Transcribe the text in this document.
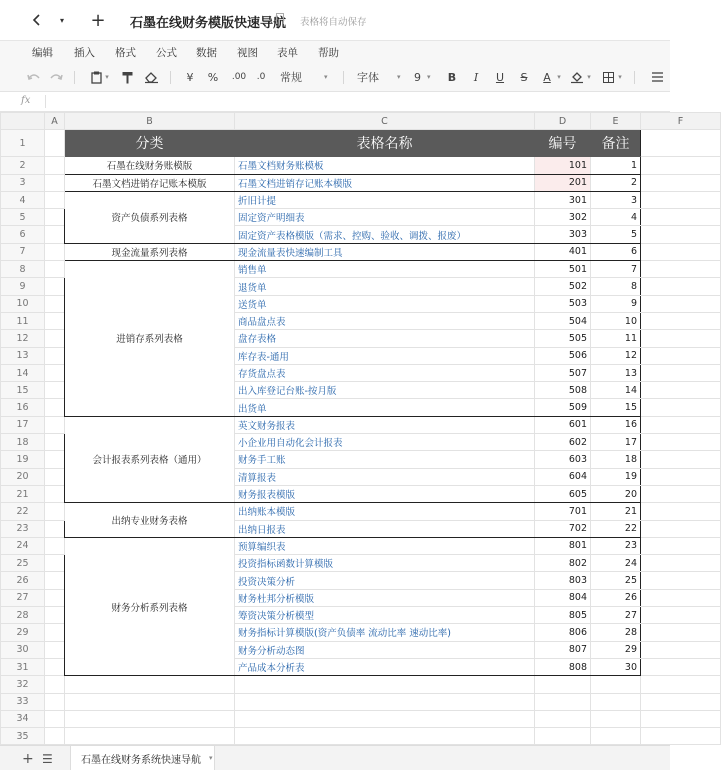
▾ + 石墨在线财务模版快速导航 表格将自动保存
编辑 插入 格式 公式 数据 视图 表单 帮助
▾	¥ % .00 .0 常规	▾	字体	▾ 9 ▾ B	I	U S A ▾	▾	▾
fx
	A	B	C	D	E	F
1		分类	表格名称	编号	备注	
2		石墨在线财务账模版	石墨文档财务账模板	101	1	
3		石墨文档进销存记账本模版	石墨文档进销存记账本模版	201	2	
4		资产负债系列表格	折旧计提	301	3	
5			固定资产明细表	302	4	
6			固定资产表格模版（需求、控购、验收、调拨、报废）	303	5	
7		现金流量系列表格	现金流量表快速编制工具	401	6	
8		进销存系列表格	销售单	501	7	
9			退货单	502	8	
10			送货单	503	9	
11			商品盘点表	504	10	
12			盘存表格	505	11	
13			库存表-通用	506	12	
14			存货盘点表	507	13	
15			出入库登记台账-按月版	508	14	
16			出货单	509	15	
17		会计报表系列表格（通用）	英文财务报表	601	16	
18			小企业用自动化会计报表	602	17	
19			财务手工账	603	18	
20			清算报表	604	19	
21			财务报表模版	605	20	
22		出纳专业财务表格	出纳账本模版	701	21	
23			出纳日报表	702	22	
24		财务分析系列表格	预算编织表	801	23	
25			投资指标函数计算模版	802	24	
26			投资决策分析	803	25	
27			财务杜邦分析模版	804	26	
28			筹资决策分析模型	805	27	
29			财务指标计算模版(资产负债率 流动比率 速动比率)	806	28	
30			财务分析动态图	807	29	
31			产品成本分析表	808	30	
32						
33						
34						
35						
+ ☰	石墨在线财务系统快速导航 ▾
